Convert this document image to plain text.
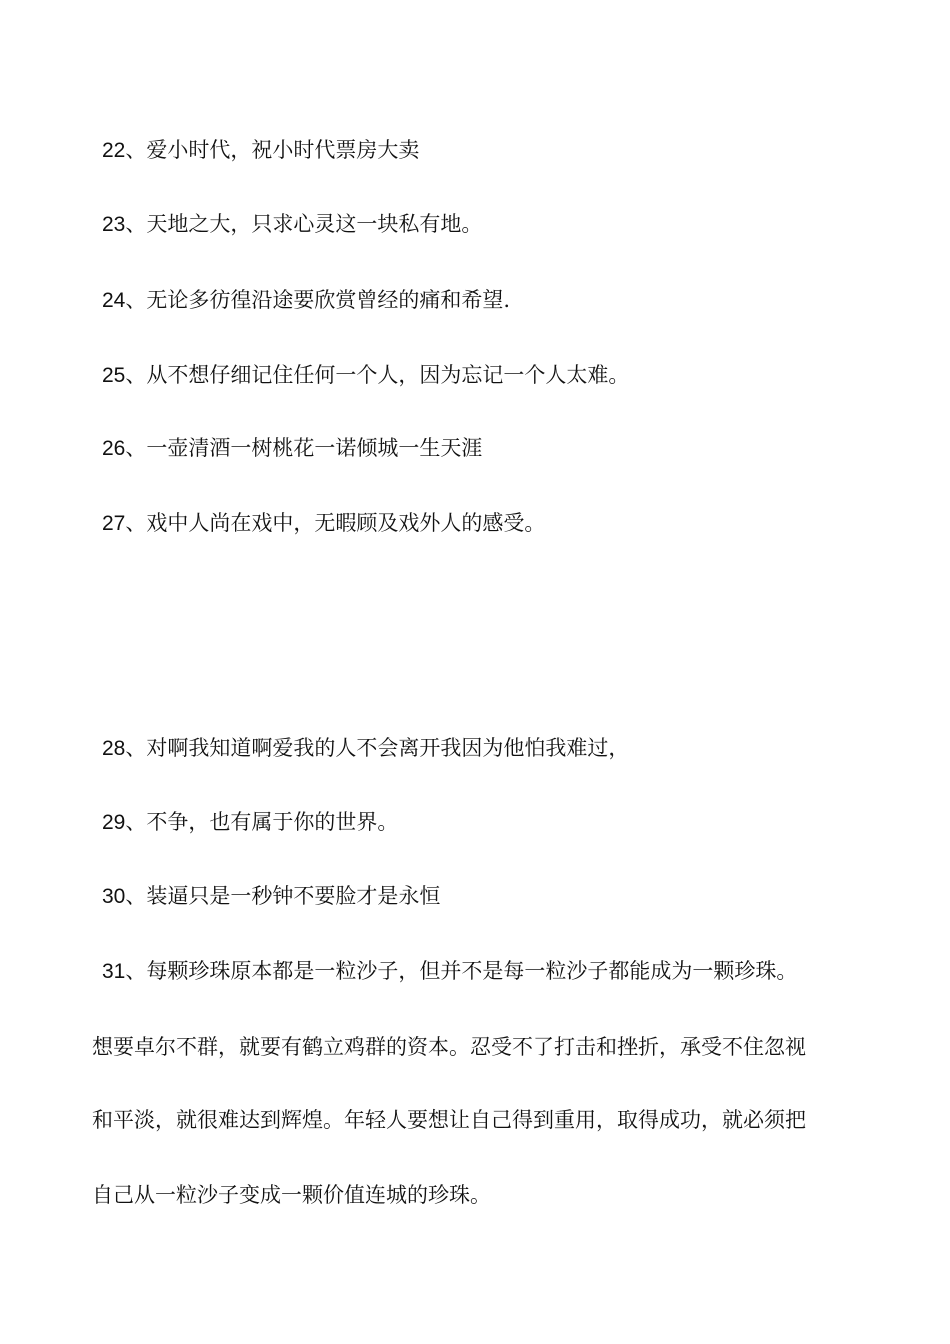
22、爱小时代，祝小时代票房大卖
23、天地之大，只求心灵这一块私有地。
24、无论多彷徨沿途要欣赏曾经的痛和希望.
25、从不想仔细记住任何一个人，因为忘记一个人太难。
26、一壶清酒一树桃花一诺倾城一生天涯
27、戏中人尚在戏中，无暇顾及戏外人的感受。
28、对啊我知道啊爱我的人不会离开我因为他怕我难过，
29、不争，也有属于你的世界。
30、装逼只是一秒钟不要脸才是永恒
31、每颗珍珠原本都是一粒沙子，但并不是每一粒沙子都能成为一颗珍珠。
想要卓尔不群，就要有鹤立鸡群的资本。忍受不了打击和挫折，承受不住忽视
和平淡，就很难达到辉煌。年轻人要想让自己得到重用，取得成功，就必须把
自己从一粒沙子变成一颗价值连城的珍珠。
